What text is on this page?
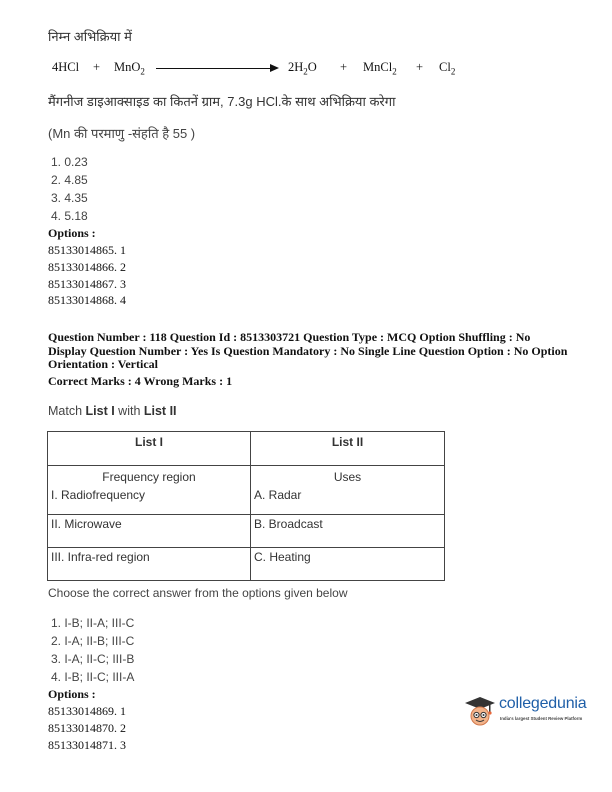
निम्न अभिक्रिया में
4HCl + MnO$_2$	$2H_2O$ + MnCl$_2$ + $Cl_2$
मैंगनीज डाइआक्साइड का कितनें ग्राम, 7.3g HCl.के साथ अभिक्रिया करेगा
(Mn की परमाणु -संहति है 55 )
1. 0.23
2. 4.85
3. 4.35
4. 5.18
Options :
85133014865. 1
85133014866. 2
85133014867. 3
85133014868. 4
Question Number : 118 Question Id : 8513303721 Question Type : MCQ Option Shuffling : No
Display Question Number : Yes Is Question Mandatory : No Single Line Question Option : No Option
Orientation : Vertical
Correct Marks : 4 Wrong Marks : 1
Match List I with List II
List I	List II
Frequency region	Uses
I. Radiofrequency	A. Radar
II. Microwave	B. Broadcast
III. Infra-red region	C. Heating
Choose the correct answer from the options given below
1. I-B; II-A; III-C
2. I-A; II-B; III-C
3. I-A; II-C; III-B
4. I-B; II-C; III-A
Options :
85133014869. 1
85133014870. 2
85133014871. 3
collegedunia
India's largest Student Review Platform
